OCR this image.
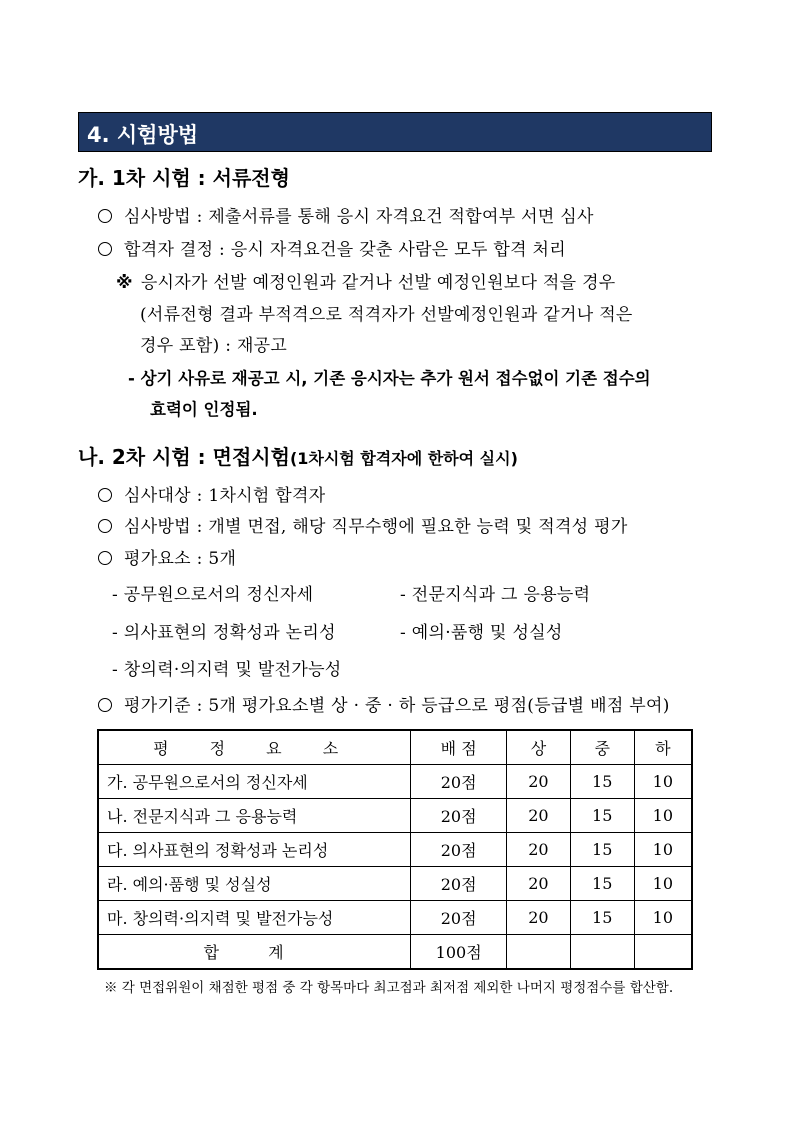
4. 시험방법
가. 1차 시험 : 서류전형
심사방법 : 제출서류를 통해 응시 자격요건 적합여부 서면 심사
합격자 결정 : 응시 자격요건을 갖춘 사람은 모두 합격 처리
※ 응시자가 선발 예정인원과 같거나 선발 예정인원보다 적을 경우
(서류전형 결과 부적격으로 적격자가 선발예정인원과 같거나 적은
경우 포함) : 재공고
- 상기 사유로 재공고 시, 기존 응시자는 추가 원서 접수없이 기존 접수의
효력이 인정됨.
나. 2차 시험 : 면접시험(1차시험 합격자에 한하여 실시)
심사대상 : 1차시험 합격자
심사방법 : 개별 면접, 해당 직무수행에 필요한 능력 및 적격성 평가
평가요소 : 5개
- 공무원으로서의 정신자세	- 전문지식과 그 응용능력
- 의사표현의 정확성과 논리성	- 예의·품행 및 성실성
- 창의력·의지력 및 발전가능성
평가기준 : 5개 평가요소별 상 · 중 · 하 등급으로 평점(등급별 배점 부여)
평 정 요 소	배 점	상	중	하
가. 공무원으로서의 정신자세	20점	20	15	10
나. 전문지식과 그 응용능력	20점	20	15	10
다. 의사표현의 정확성과 논리성	20점	20	15	10
라. 예의·품행 및 성실성	20점	20	15	10
마. 창의력·의지력 및 발전가능성	20점	20	15	10
합 계	100점			
※ 각 면접위원이 채점한 평점 중 각 항목마다 최고점과 최저점 제외한 나머지 평정점수를 합산함.
